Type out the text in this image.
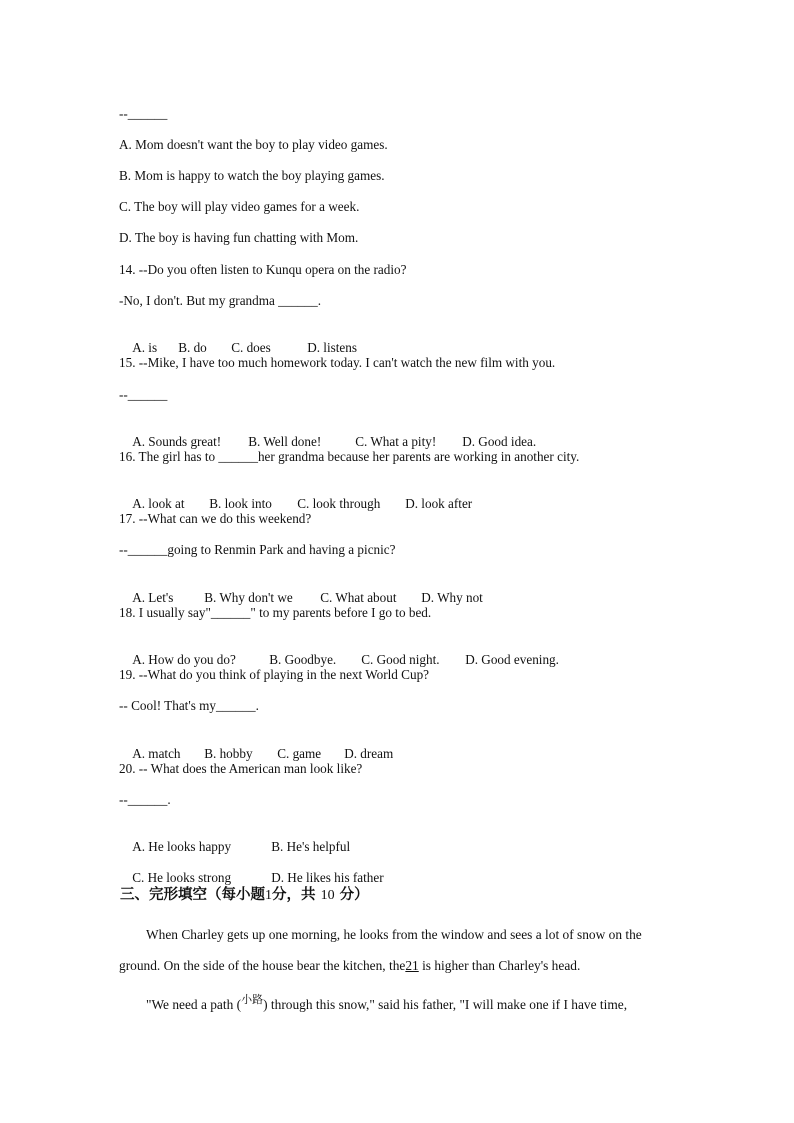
--______
A. Mom doesn't want the boy to play video games.
B. Mom is happy to watch the boy playing games.
C. The boy will play video games for a week.
D. The boy is having fun chatting with Mom.
14. --Do you often listen to Kunqu opera on the radio?
-No, I don't. But my grandma ______.

A. is B. do C. does	D. listens

15. --Mike, I have too much homework today. I can't watch the new film with you.
--______

A. Sounds great! B. Well done!	C. What a pity! D. Good idea.

16. The girl has to ______her grandma because her parents are working in another city.

A. look at B. look into C. look through D. look after

17. --What can we do this weekend?
--______going to Renmin Park and having a picnic?

A. Let's B. Why don't we C. What about D. Why not

18. I usually say"______" to my parents before I go to bed.

A. How do you do?	B. Goodbye. C. Good night. D. Good evening.

19. --What do you think of playing in the next World Cup?
-- Cool! That's my______.

A. match B. hobby C. game D. dream

20. -- What does the American man look like?
--______.

A. He looks happy	B. He's helpful

C. He looks strong	D. He likes his father

三、完形填空（每小题1分，共 10 分）
When Charley gets up one morning, he looks from the window and sees a lot of snow on the
ground. On the side of the house bear the kitchen, the21 is higher than Charley's head.
"We need a path ($^{小路}$) through this snow," said his father, "I will make one if I have time,
